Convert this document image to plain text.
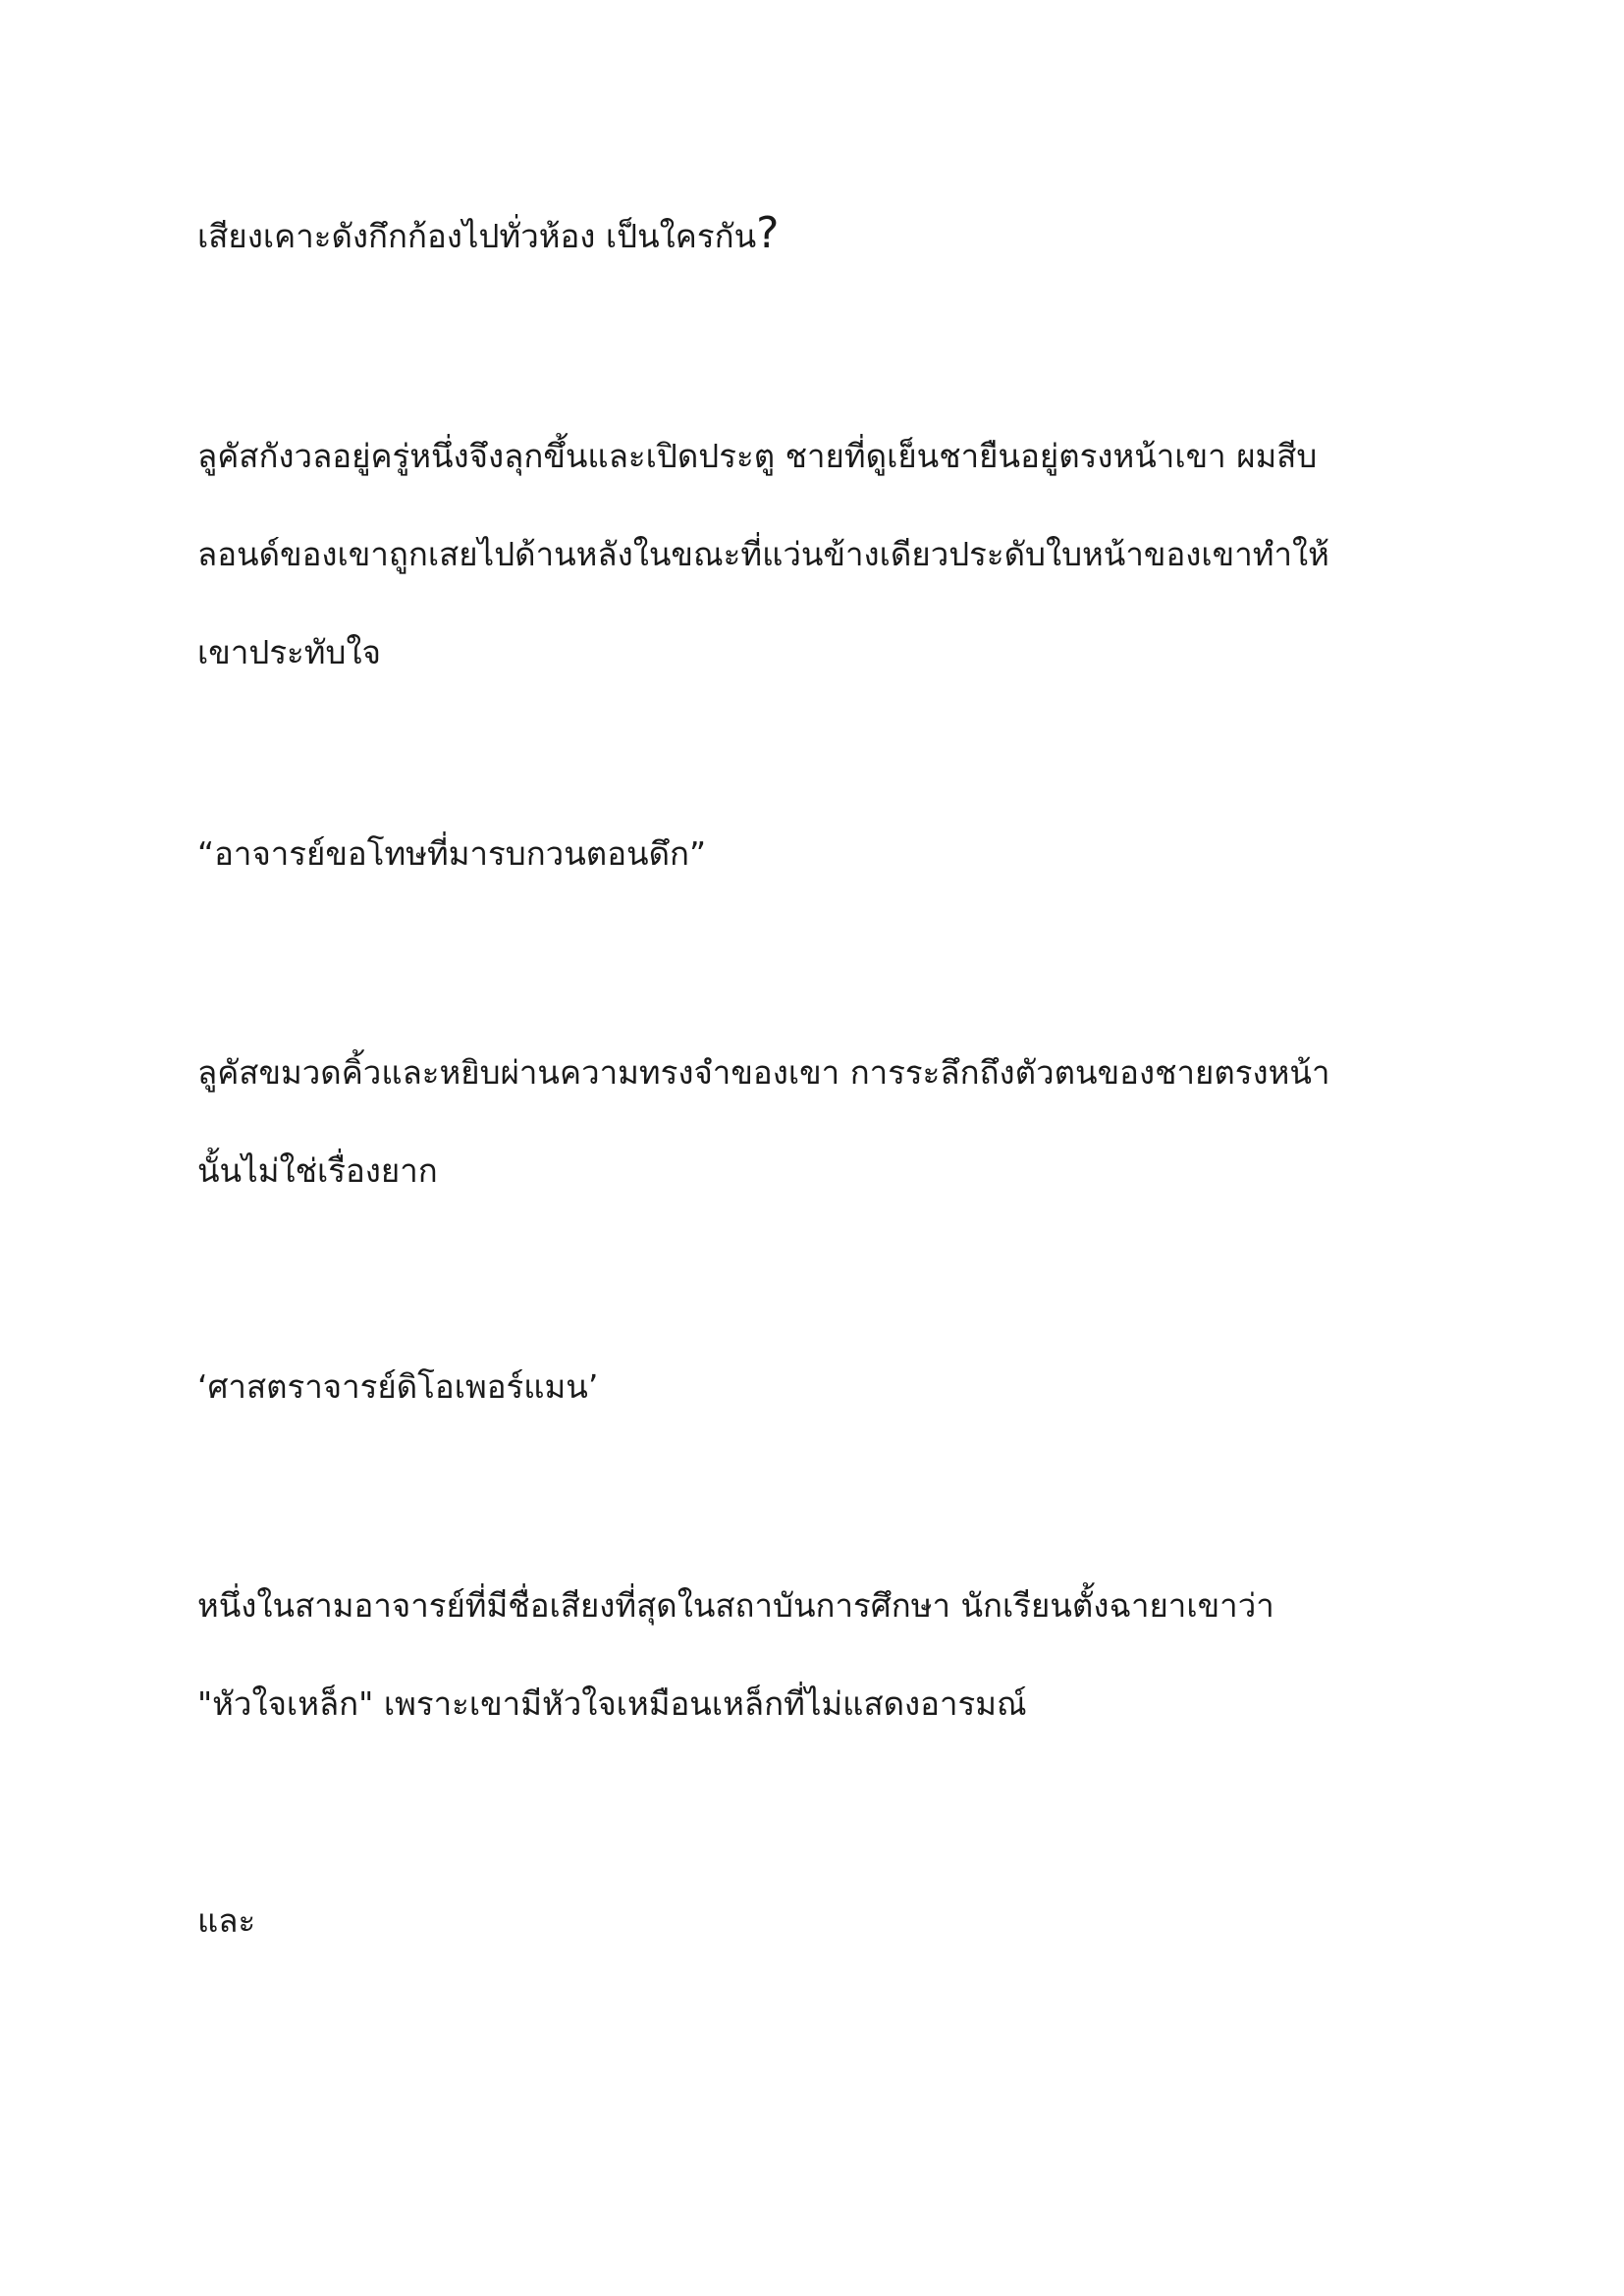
เสียงเคาะดังกึกก้องไปทั่วห้อง เป็นใครกัน?

ลูคัสกังวลอยู่ครู่หนึ่งจึงลุกขึ้นและเปิดประตู ชายที่ดูเย็นชายืนอยู่ตรงหน้าเขา ผมสีบ
ลอนด์ของเขาถูกเสยไปด้านหลังในขณะที่แว่นข้างเดียวประดับใบหน้าของเขาทำให้
เขาประทับใจ

“อาจารย์ขอโทษที่มารบกวนตอนดึก”

ลูคัสขมวดคิ้วและหยิบผ่านความทรงจำของเขา การระลึกถึงตัวตนของชายตรงหน้า
นั้นไม่ใช่เรื่องยาก

‘ศาสตราจารย์ดิโอเพอร์แมน’

หนึ่งในสามอาจารย์ที่มีชื่อเสียงที่สุดในสถาบันการศึกษา นักเรียนตั้งฉายาเขาว่า
"หัวใจเหล็ก" เพราะเขามีหัวใจเหมือนเหล็กที่ไม่แสดงอารมณ์

และ
